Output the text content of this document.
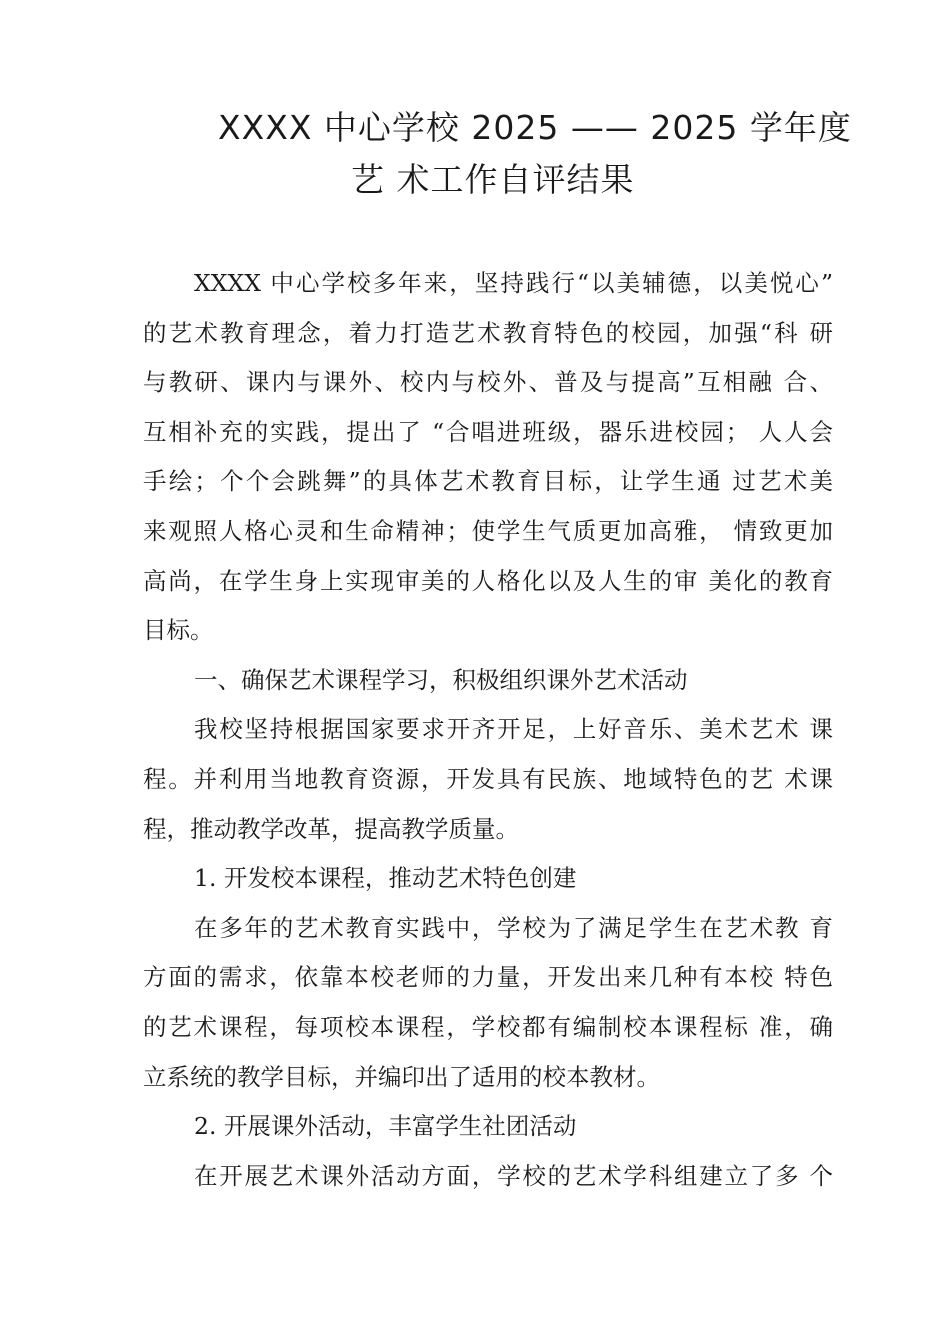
XXXX 中心学校 2025 —— 2025 学年度
艺 术工作自评结果
XXXX 中心学校多年来，坚持践行“以美辅德，以美悦心”
的艺术教育理念，着力打造艺术教育特色的校园，加强“科 研
与教研、课内与课外、校内与校外、普及与提高”互相融 合、
互相补充的实践，提出了 “合唱进班级，器乐进校园； 人人会
手绘；个个会跳舞”的具体艺术教育目标，让学生通 过艺术美
来观照人格心灵和生命精神；使学生气质更加高雅， 情致更加
高尚，在学生身上实现审美的人格化以及人生的审 美化的教育
目标。
一、确保艺术课程学习，积极组织课外艺术活动
我校坚持根据国家要求开齐开足，上好音乐、美术艺术 课
程。并利用当地教育资源，开发具有民族、地域特色的艺 术课
程，推动教学改革，提高教学质量。
1. 开发校本课程，推动艺术特色创建
在多年的艺术教育实践中，学校为了满足学生在艺术教 育
方面的需求，依靠本校老师的力量，开发出来几种有本校 特色
的艺术课程，每项校本课程，学校都有编制校本课程标 准，确
立系统的教学目标，并编印出了适用的校本教材。
2. 开展课外活动，丰富学生社团活动
在开展艺术课外活动方面，学校的艺术学科组建立了多 个
